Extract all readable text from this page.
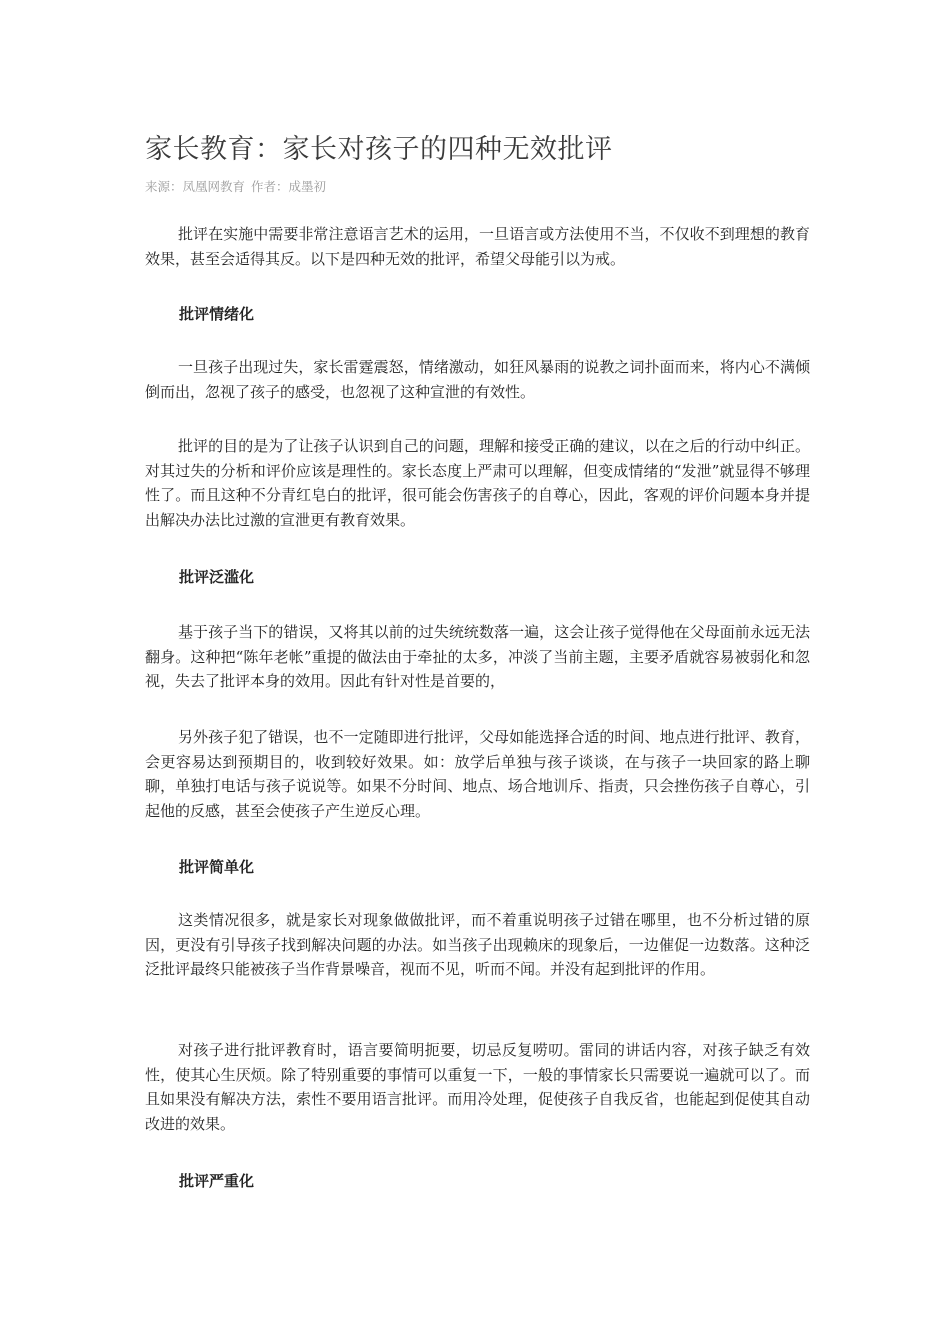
家长教育：家长对孩子的四种无效批评
来源：凤凰网教育 作者：成墨初

批评在实施中需要非常注意语言艺术的运用，一旦语言或方法使用不当，不仅收不到理想的教育效果，甚至会适得其反。以下是四种无效的批评，希望父母能引以为戒。

批评情绪化

一旦孩子出现过失，家长雷霆震怒，情绪激动，如狂风暴雨的说教之词扑面而来，将内心不满倾倒而出，忽视了孩子的感受，也忽视了这种宣泄的有效性。

批评的目的是为了让孩子认识到自己的问题，理解和接受正确的建议，以在之后的行动中纠正。对其过失的分析和评价应该是理性的。家长态度上严肃可以理解，但变成情绪的“发泄”就显得不够理性了。而且这种不分青红皂白的批评，很可能会伤害孩子的自尊心，因此，客观的评价问题本身并提出解决办法比过激的宣泄更有教育效果。

批评泛滥化

基于孩子当下的错误，又将其以前的过失统统数落一遍，这会让孩子觉得他在父母面前永远无法翻身。这种把“陈年老帐”重提的做法由于牵扯的太多，冲淡了当前主题，主要矛盾就容易被弱化和忽视，失去了批评本身的效用。因此有针对性是首要的，

另外孩子犯了错误，也不一定随即进行批评，父母如能选择合适的时间、地点进行批评、教育，会更容易达到预期目的，收到较好效果。如：放学后单独与孩子谈谈，在与孩子一块回家的路上聊聊，单独打电话与孩子说说等。如果不分时间、地点、场合地训斥、指责，只会挫伤孩子自尊心，引起他的反感，甚至会使孩子产生逆反心理。

批评简单化

这类情况很多，就是家长对现象做做批评，而不着重说明孩子过错在哪里，也不分析过错的原因，更没有引导孩子找到解决问题的办法。如当孩子出现赖床的现象后，一边催促一边数落。这种泛泛批评最终只能被孩子当作背景噪音，视而不见，听而不闻。并没有起到批评的作用。

对孩子进行批评教育时，语言要简明扼要，切忌反复唠叨。雷同的讲话内容，对孩子缺乏有效性，使其心生厌烦。除了特别重要的事情可以重复一下，一般的事情家长只需要说一遍就可以了。而且如果没有解决方法，索性不要用语言批评。而用冷处理，促使孩子自我反省，也能起到促使其自动改进的效果。

批评严重化
